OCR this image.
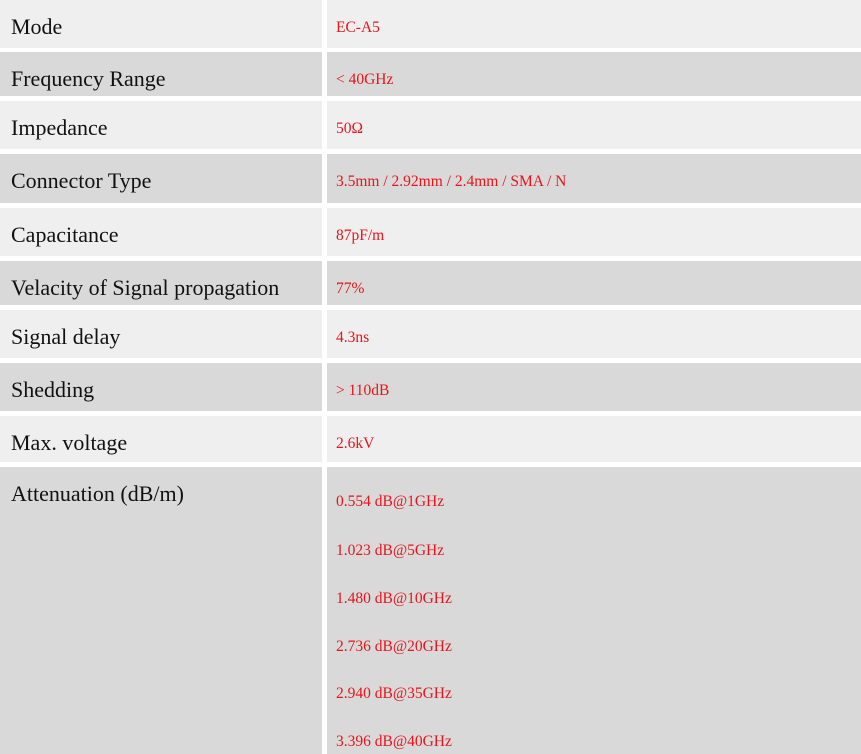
Mode	EC-A5
Frequency Range	< 40GHz
Impedance	50Ω
Connector Type	3.5mm / 2.92mm / 2.4mm / SMA / N
Capacitance	87pF/m
Velacity of Signal propagation	77%
Signal delay	4.3ns
Shedding	> 110dB
Max. voltage	2.6kV
Attenuation (dB/m)	0.554 dB@1GHz
1.023 dB@5GHz
1.480 dB@10GHz
2.736 dB@20GHz
2.940 dB@35GHz
3.396 dB@40GHz
